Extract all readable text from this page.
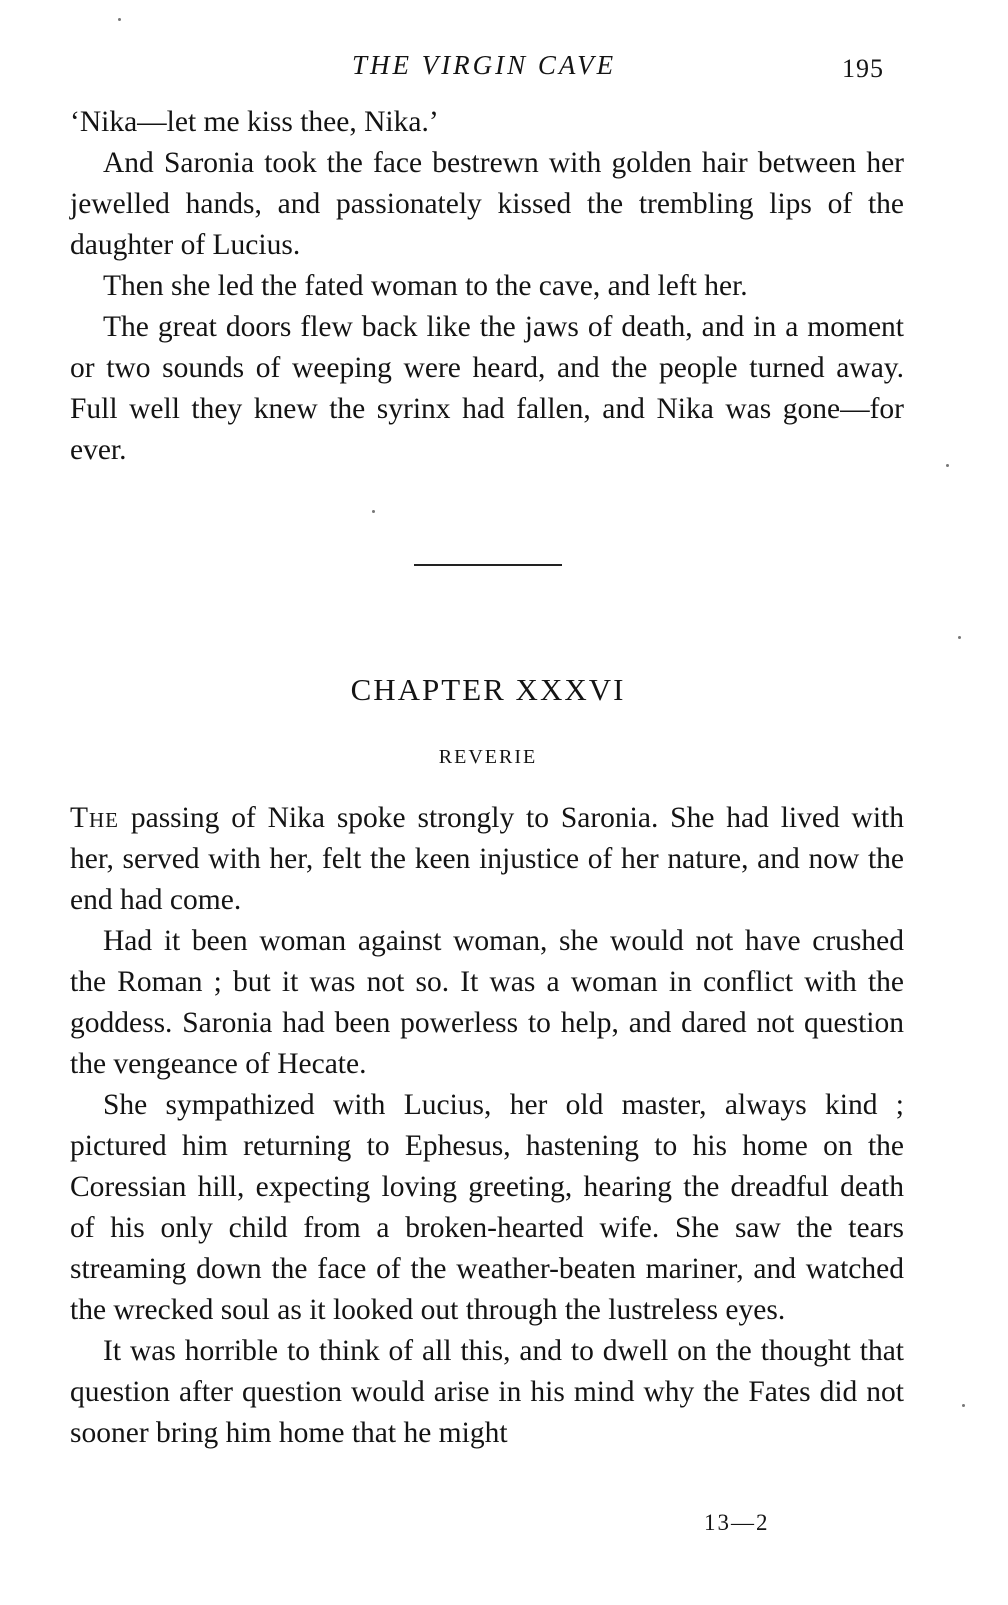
THE VIRGIN CAVE	195

‘Nika—let me kiss thee, Nika.’

And Saronia took the face bestrewn with golden hair between her jewelled hands, and passionately kissed the trembling lips of the daughter of Lucius.

Then she led the fated woman to the cave, and left her.

The great doors flew back like the jaws of death, and in a moment or two sounds of weeping were heard, and the people turned away. Full well they knew the syrinx had fallen, and Nika was gone—for ever.

CHAPTER XXXVI
REVERIE

The passing of Nika spoke strongly to Saronia. She had lived with her, served with her, felt the keen injustice of her nature, and now the end had come.

Had it been woman against woman, she would not have crushed the Roman ; but it was not so. It was a woman in conflict with the goddess. Saronia had been powerless to help, and dared not question the vengeance of Hecate.

She sympathized with Lucius, her old master, always kind ; pictured him returning to Ephesus, hastening to his home on the Coressian hill, expecting loving greeting, hearing the dreadful death of his only child from a broken-hearted wife. She saw the tears streaming down the face of the weather-beaten mariner, and watched the wrecked soul as it looked out through the lustreless eyes.

It was horrible to think of all this, and to dwell on the thought that question after question would arise in his mind why the Fates did not sooner bring him home that he might

13—2
